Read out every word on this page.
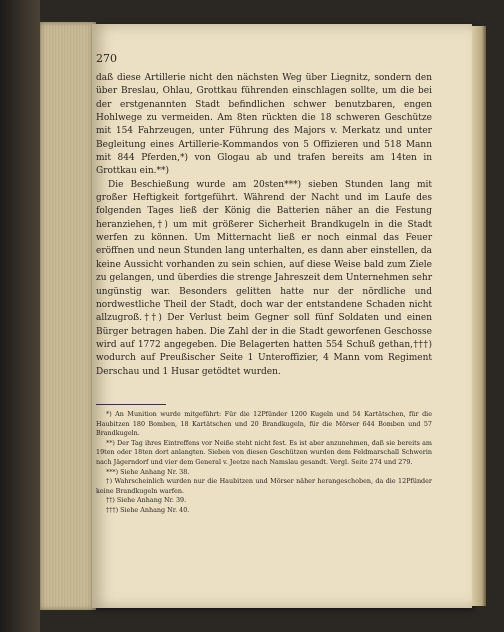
270

daß diese Artillerie nicht den nächsten Weg über Liegnitz, sondern den über Breslau, Ohlau, Grottkau führenden einschlagen sollte, um die bei der erstgenannten Stadt befindlichen schwer benutzbaren, engen Hohlwege zu vermeiden. Am 8ten rückten die 18 schweren Geschütze mit 154 Fahrzeugen, unter Führung des Majors v. Merkatz und unter Begleitung eines Artillerie-Kommandos von 5 Offizieren und 518 Mann mit 844 Pferden,*) von Glogau ab und trafen bereits am 14ten in Grottkau ein.**)

Die Beschießung wurde am 20sten***) sieben Stunden lang mit großer Heftigkeit fortgeführt. Während der Nacht und im Laufe des folgenden Tages ließ der König die Batterien näher an die Festung heranziehen,†) um mit größerer Sicherheit Brandkugeln in die Stadt werfen zu können. Um Mitternacht ließ er noch einmal das Feuer eröffnen und neun Stunden lang unterhalten, es dann aber einstellen, da keine Aussicht vorhanden zu sein schien, auf diese Weise bald zum Ziele zu gelangen, und überdies die strenge Jahreszeit dem Unternehmen sehr ungünstig war. Besonders gelitten hatte nur der nördliche und nordwestliche Theil der Stadt, doch war der entstandene Schaden nicht allzugroß.††) Der Verlust beim Gegner soll fünf Soldaten und einen Bürger betragen haben. Die Zahl der in die Stadt geworfenen Geschosse wird auf 1772 angegeben. Die Belagerten hatten 554 Schuß gethan,†††) wodurch auf Preußischer Seite 1 Unteroffizier, 4 Mann vom Regiment Derschau und 1 Husar getödtet wurden.

*) An Munition wurde mitgeführt: Für die 12Pfünder 1200 Kugeln und 54 Kartätschen, für die Haubitzen 180 Bomben, 18 Kartätschen und 20 Brandkugeln, für die Mörser 644 Bomben und 57 Brandkugeln.

**) Der Tag ihres Eintreffens vor Neiße steht nicht fest. Es ist aber anzunehmen, daß sie bereits am 19ten oder 18ten dort anlangten. Sieben von diesen Geschützen wurden dem Feldmarschall Schwerin nach Jägerndorf und vier dem General v. Jeetze nach Namslau gesandt. Vergl. Seite 274 und 279.

***) Siehe Anhang Nr. 38.

†) Wahrscheinlich wurden nur die Haubitzen und Mörser näher herangeschoben, da die 12Pfünder keine Brandkugeln warfen.

††) Siehe Anhang Nr. 39.

†††) Siehe Anhang Nr. 40.
